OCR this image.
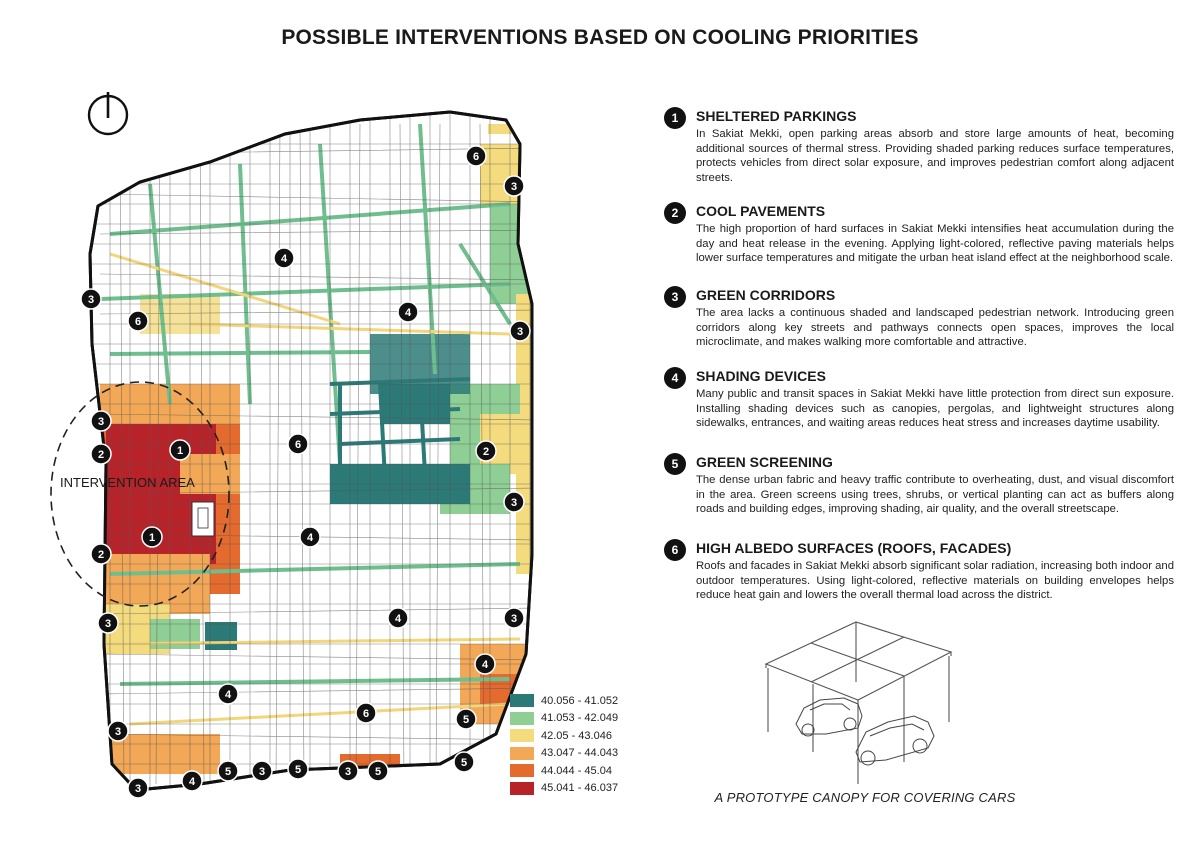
POSSIBLE INTERVENTIONS BASED ON COOLING PRIORITIES
INTERVENTION AREA
6
3
4
3
6
4
3
3
1
2	2
6
3
1
2
4
3	4	3
4
4
6
3
5
5
3
4
5	3	5	3 5
40.056 - 41.052
41.053 - 42.049
42.05 - 43.046
43.047 - 44.043
44.044 - 45.04
45.041 - 46.037
1	SHELTERED PARKINGS
In Sakiat Mekki, open parking areas absorb and store large amounts of heat, becoming additional sources of thermal stress. Providing shaded parking reduces surface temperatures, protects vehicles from direct solar exposure, and improves pedestrian comfort along adjacent streets.
2	COOL PAVEMENTS
The high proportion of hard surfaces in Sakiat Mekki intensifies heat accumulation during the day and heat release in the evening. Applying light-colored, reflective paving materials helps lower surface temperatures and mitigate the urban heat island effect at the neighborhood scale.
3	GREEN CORRIDORS
The area lacks a continuous shaded and landscaped pedestrian network. Introducing green corridors along key streets and pathways connects open spaces, improves the local microclimate, and makes walking more comfortable and attractive.
4	SHADING DEVICES
Many public and transit spaces in Sakiat Mekki have little protection from direct sun exposure. Installing shading devices such as canopies, pergolas, and lightweight structures along sidewalks, entrances, and waiting areas reduces heat stress and increases daytime usability.
5	GREEN SCREENING
The dense urban fabric and heavy traffic contribute to overheating, dust, and visual discomfort in the area. Green screens using trees, shrubs, or vertical planting can act as buffers along roads and building edges, improving shading, air quality, and the overall streetscape.
6	HIGH ALBEDO SURFACES (ROOFS, FACADES)
Roofs and facades in Sakiat Mekki absorb significant solar radiation, increasing both indoor and outdoor temperatures. Using light-colored, reflective materials on building envelopes helps reduce heat gain and lowers the overall thermal load across the district.
A PROTOTYPE CANOPY FOR COVERING CARS
